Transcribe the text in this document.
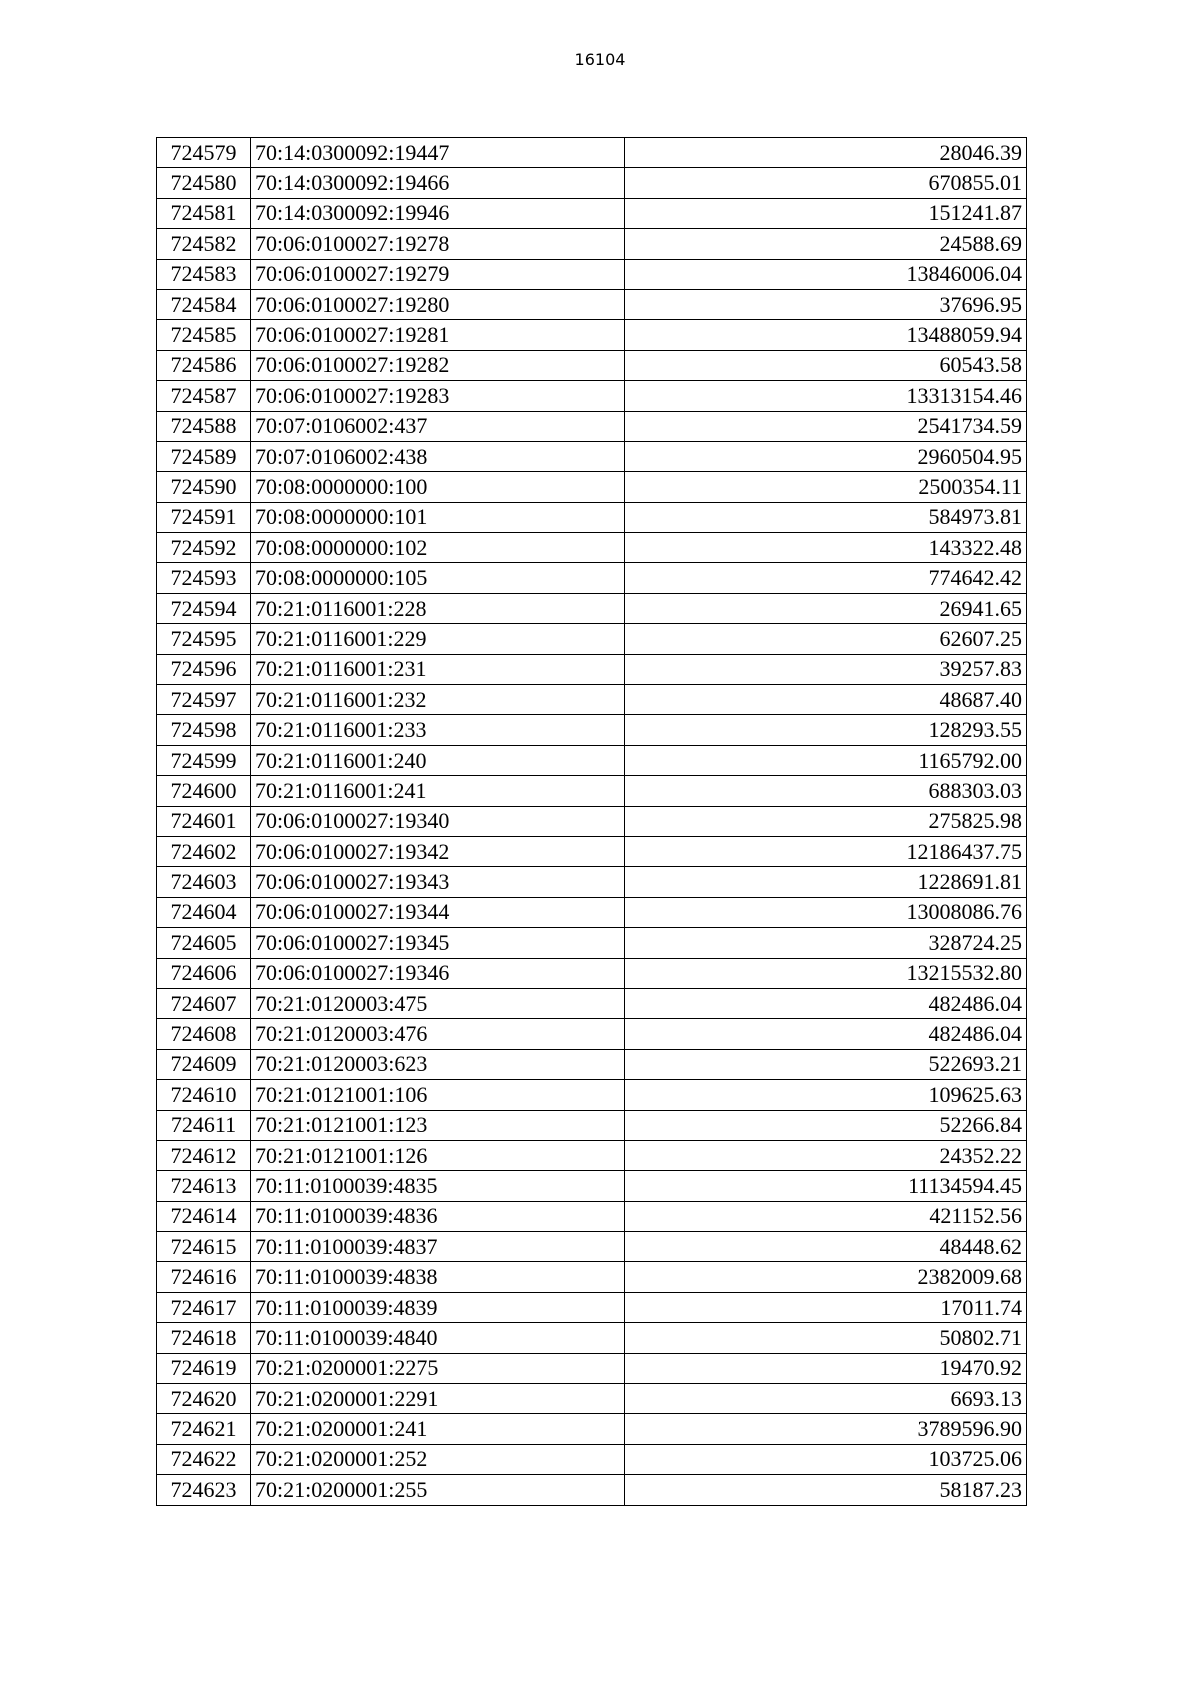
16104
724579	70:14:0300092:19447	28046.39
724580	70:14:0300092:19466	670855.01
724581	70:14:0300092:19946	151241.87
724582	70:06:0100027:19278	24588.69
724583	70:06:0100027:19279	13846006.04
724584	70:06:0100027:19280	37696.95
724585	70:06:0100027:19281	13488059.94
724586	70:06:0100027:19282	60543.58
724587	70:06:0100027:19283	13313154.46
724588	70:07:0106002:437	2541734.59
724589	70:07:0106002:438	2960504.95
724590	70:08:0000000:100	2500354.11
724591	70:08:0000000:101	584973.81
724592	70:08:0000000:102	143322.48
724593	70:08:0000000:105	774642.42
724594	70:21:0116001:228	26941.65
724595	70:21:0116001:229	62607.25
724596	70:21:0116001:231	39257.83
724597	70:21:0116001:232	48687.40
724598	70:21:0116001:233	128293.55
724599	70:21:0116001:240	1165792.00
724600	70:21:0116001:241	688303.03
724601	70:06:0100027:19340	275825.98
724602	70:06:0100027:19342	12186437.75
724603	70:06:0100027:19343	1228691.81
724604	70:06:0100027:19344	13008086.76
724605	70:06:0100027:19345	328724.25
724606	70:06:0100027:19346	13215532.80
724607	70:21:0120003:475	482486.04
724608	70:21:0120003:476	482486.04
724609	70:21:0120003:623	522693.21
724610	70:21:0121001:106	109625.63
724611	70:21:0121001:123	52266.84
724612	70:21:0121001:126	24352.22
724613	70:11:0100039:4835	11134594.45
724614	70:11:0100039:4836	421152.56
724615	70:11:0100039:4837	48448.62
724616	70:11:0100039:4838	2382009.68
724617	70:11:0100039:4839	17011.74
724618	70:11:0100039:4840	50802.71
724619	70:21:0200001:2275	19470.92
724620	70:21:0200001:2291	6693.13
724621	70:21:0200001:241	3789596.90
724622	70:21:0200001:252	103725.06
724623	70:21:0200001:255	58187.23
